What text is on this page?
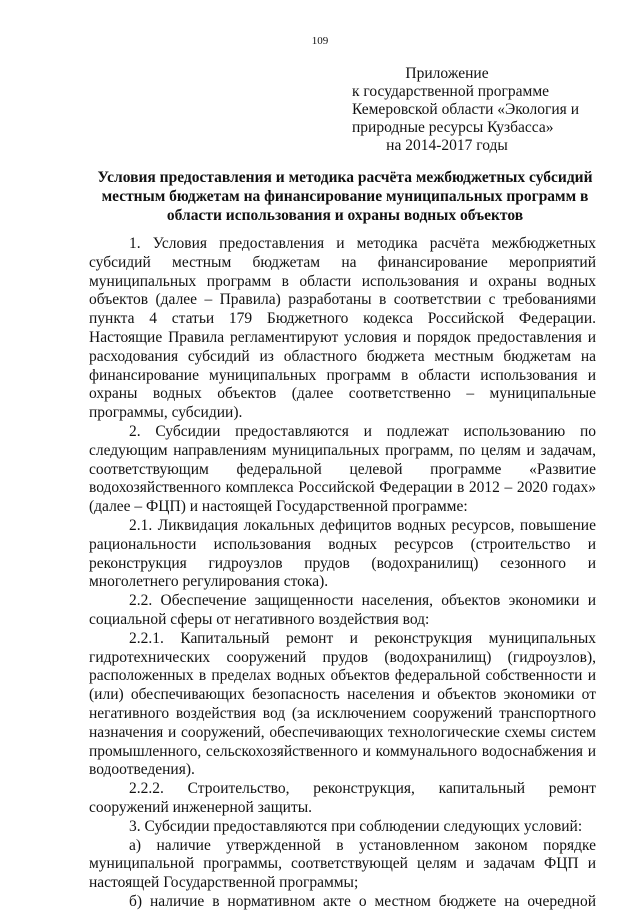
109
Приложение
к государственной программе
Кемеровской области «Экология и
природные ресурсы Кузбасса»
на 2014-2017 годы
Условия предоставления и методика расчёта межбюджетных субсидий
местным бюджетам на финансирование муниципальных программ в
области использования и охраны водных объектов

1. Условия предоставления и методика расчёта межбюджетных субсидий местным бюджетам на финансирование мероприятий муниципальных программ в области использования и охраны водных объектов (далее – Правила) разработаны в соответствии с требованиями пункта 4 статьи 179 Бюджетного кодекса Российской Федерации. Настоящие Правила регламентируют условия и порядок предоставления и расходования субсидий из областного бюджета местным бюджетам на финансирование муниципальных программ в области использования и охраны водных объектов (далее соответственно – муниципальные программы, субсидии).

2. Субсидии предоставляются и подлежат использованию по следующим направлениям муниципальных программ, по целям и задачам, соответствующим федеральной целевой программе «Развитие водохозяйственного комплекса Российской Федерации в 2012 – 2020 годах» (далее – ФЦП) и настоящей Государственной программе:

2.1. Ликвидация локальных дефицитов водных ресурсов, повышение рациональности использования водных ресурсов (строительство и реконструкция гидроузлов прудов (водохранилищ) сезонного и многолетнего регулирования стока).

2.2. Обеспечение защищенности населения, объектов экономики и социальной сферы от негативного воздействия вод:

2.2.1. Капитальный ремонт и реконструкция муниципальных гидротехнических сооружений прудов (водохранилищ) (гидроузлов), расположенных в пределах водных объектов федеральной собственности и (или) обеспечивающих безопасность населения и объектов экономики от негативного воздействия вод (за исключением сооружений транспортного назначения и сооружений, обеспечивающих технологические схемы систем промышленного, сельскохозяйственного и коммунального водоснабжения и водоотведения).

2.2.2. Строительство, реконструкция, капитальный ремонт сооружений инженерной защиты.

3. Субсидии предоставляются при соблюдении следующих условий:

а) наличие утвержденной в установленном законом порядке муниципальной программы, соответствующей целям и задачам ФЦП и настоящей Государственной программы;

б) наличие в нормативном акте о местном бюджете на очередной
